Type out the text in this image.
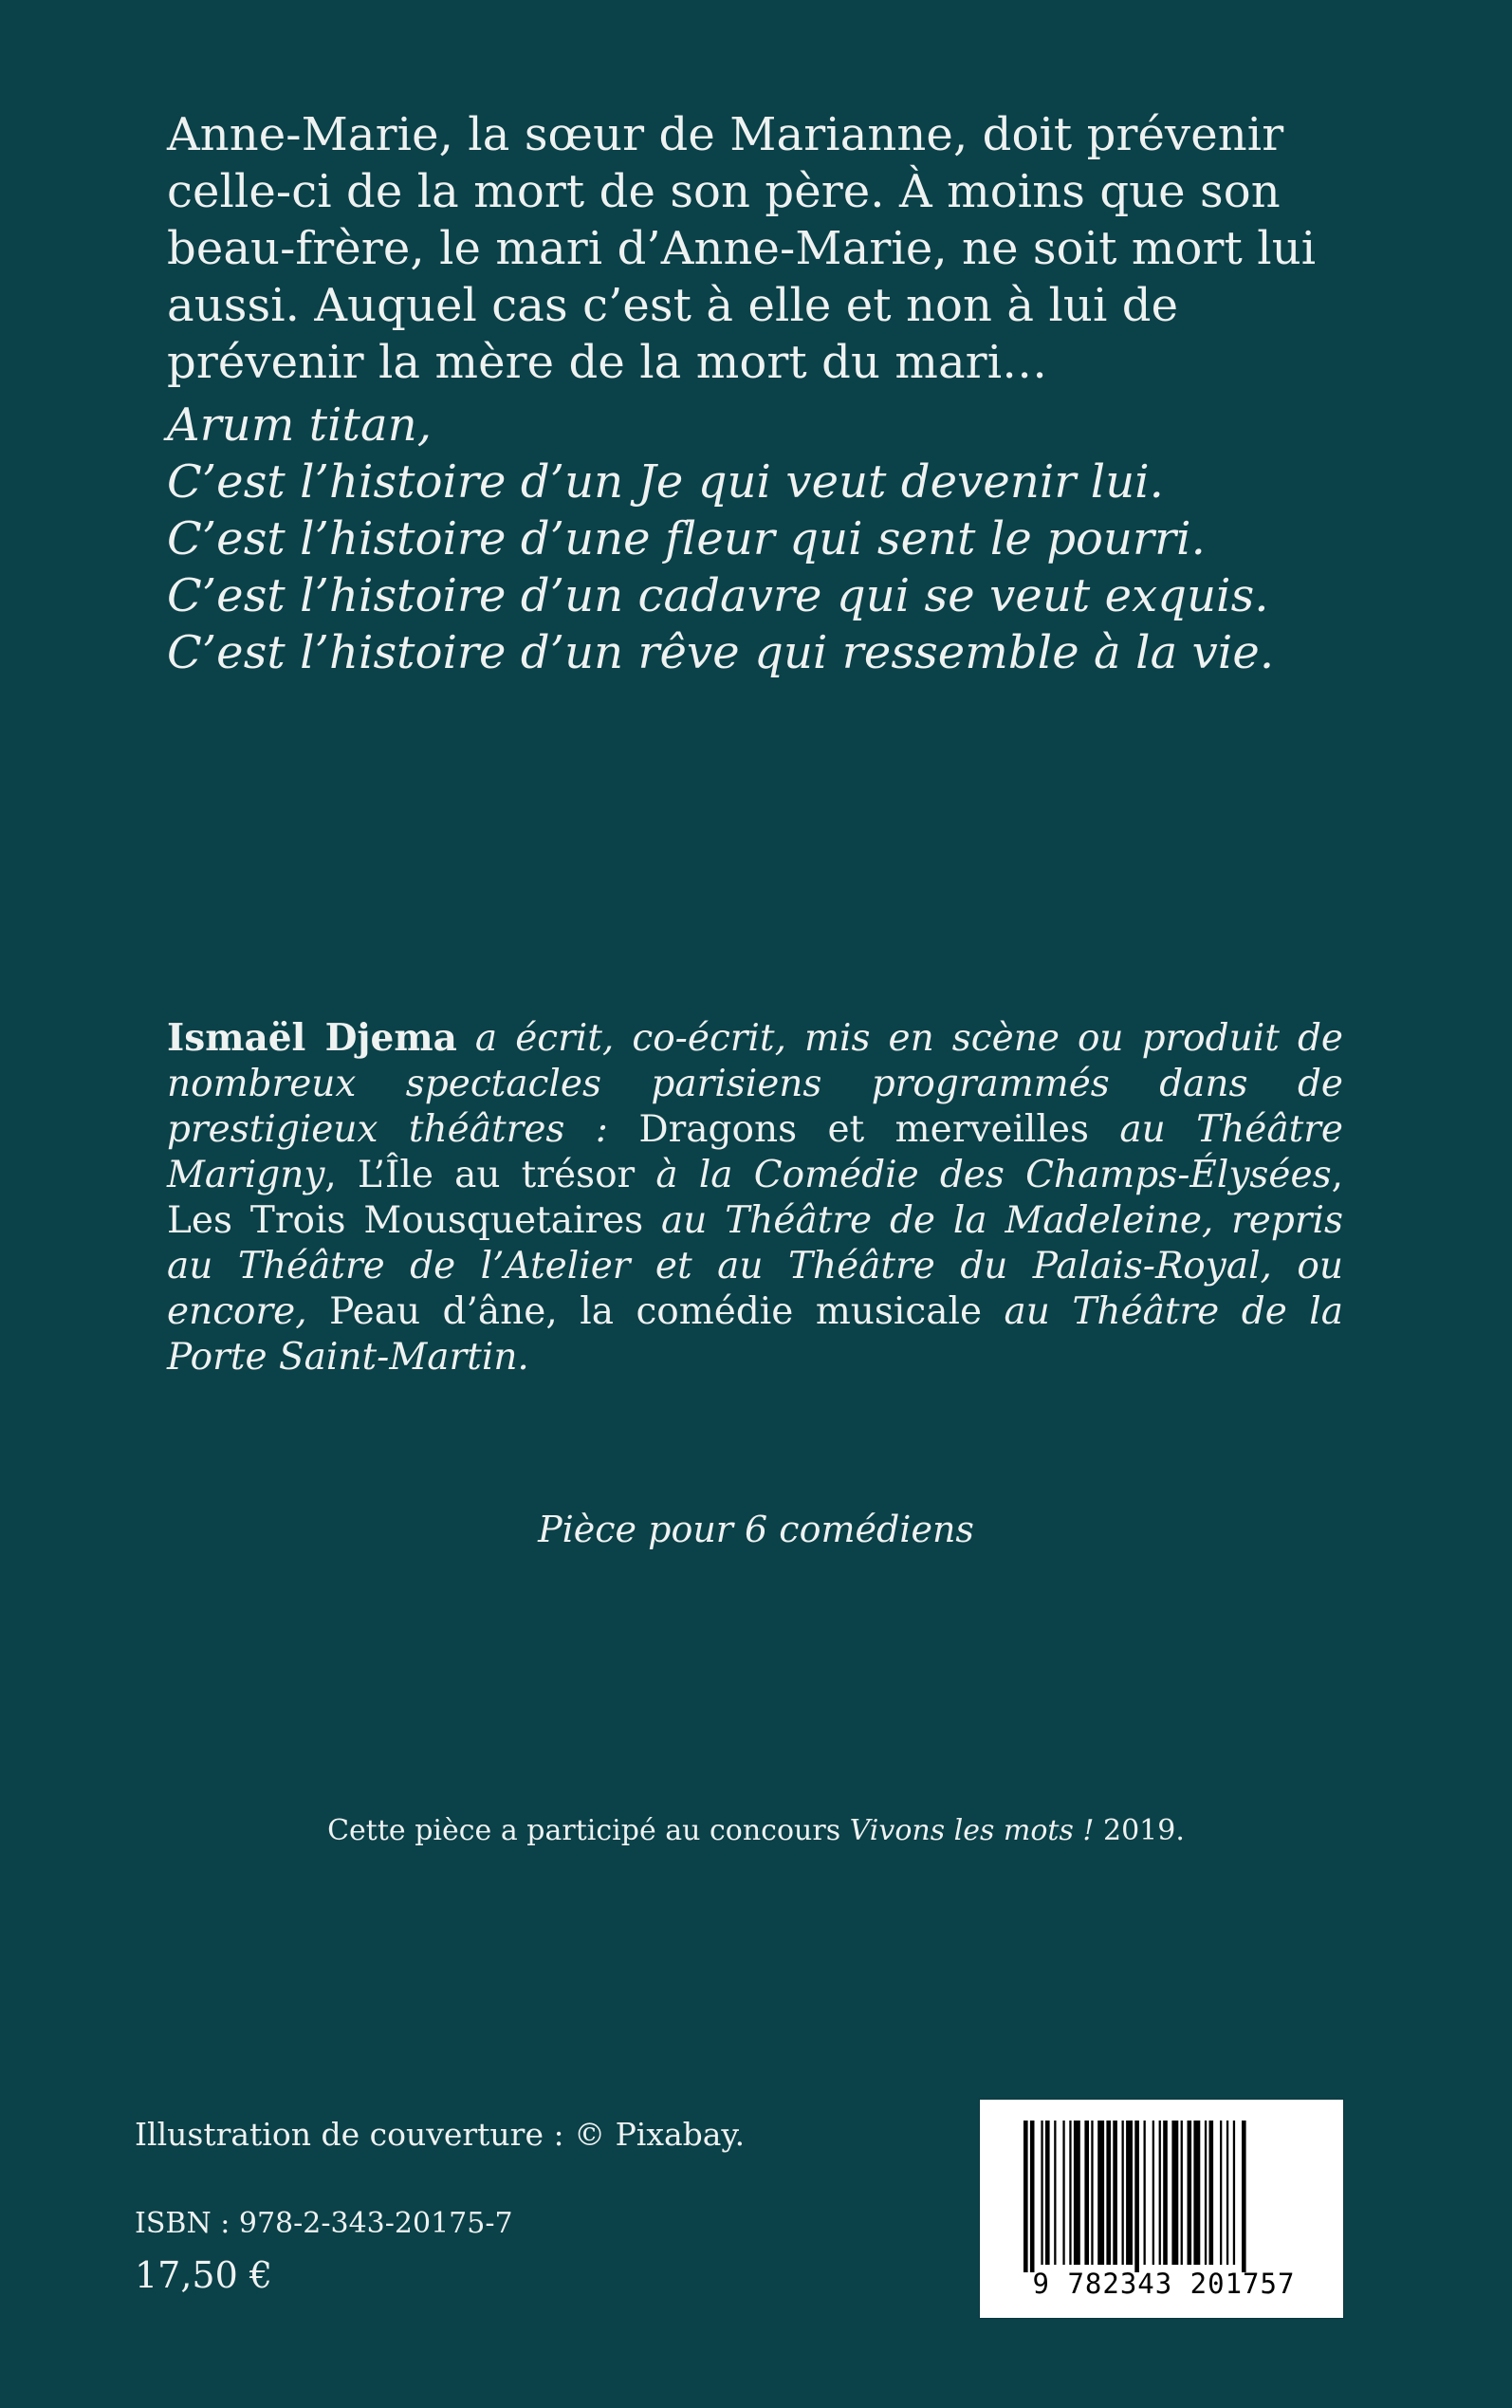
Anne-Marie, la sœur de Marianne, doit prévenir celle-ci de la mort de son père. À moins que son beau-frère, le mari d’Anne-Marie, ne soit mort lui aussi. Auquel cas c’est à elle et non à lui de prévenir la mère de la mort du mari…

Arum titan,
C’est l’histoire d’un Je qui veut devenir lui.
C’est l’histoire d’une fleur qui sent le pourri.
C’est l’histoire d’un cadavre qui se veut exquis.
C’est l’histoire d’un rêve qui ressemble à la vie.

Ismaël Djema a écrit, co-écrit, mis en scène ou produit de nombreux spectacles parisiens programmés dans de prestigieux théâtres : Dragons et merveilles au Théâtre Marigny, L’Île au trésor à la Comédie des Champs-Élysées, Les Trois Mousquetaires au Théâtre de la Madeleine, repris au Théâtre de l’Atelier et au Théâtre du Palais-Royal, ou encore, Peau d’âne, la comédie musicale au Théâtre de la Porte Saint-Martin.

Pièce pour 6 comédiens
Cette pièce a participé au concours Vivons les mots ! 2019.
Illustration de couverture : © Pixabay.
ISBN : 978-2-343-20175-7
17,50 €	9 782343 201757
